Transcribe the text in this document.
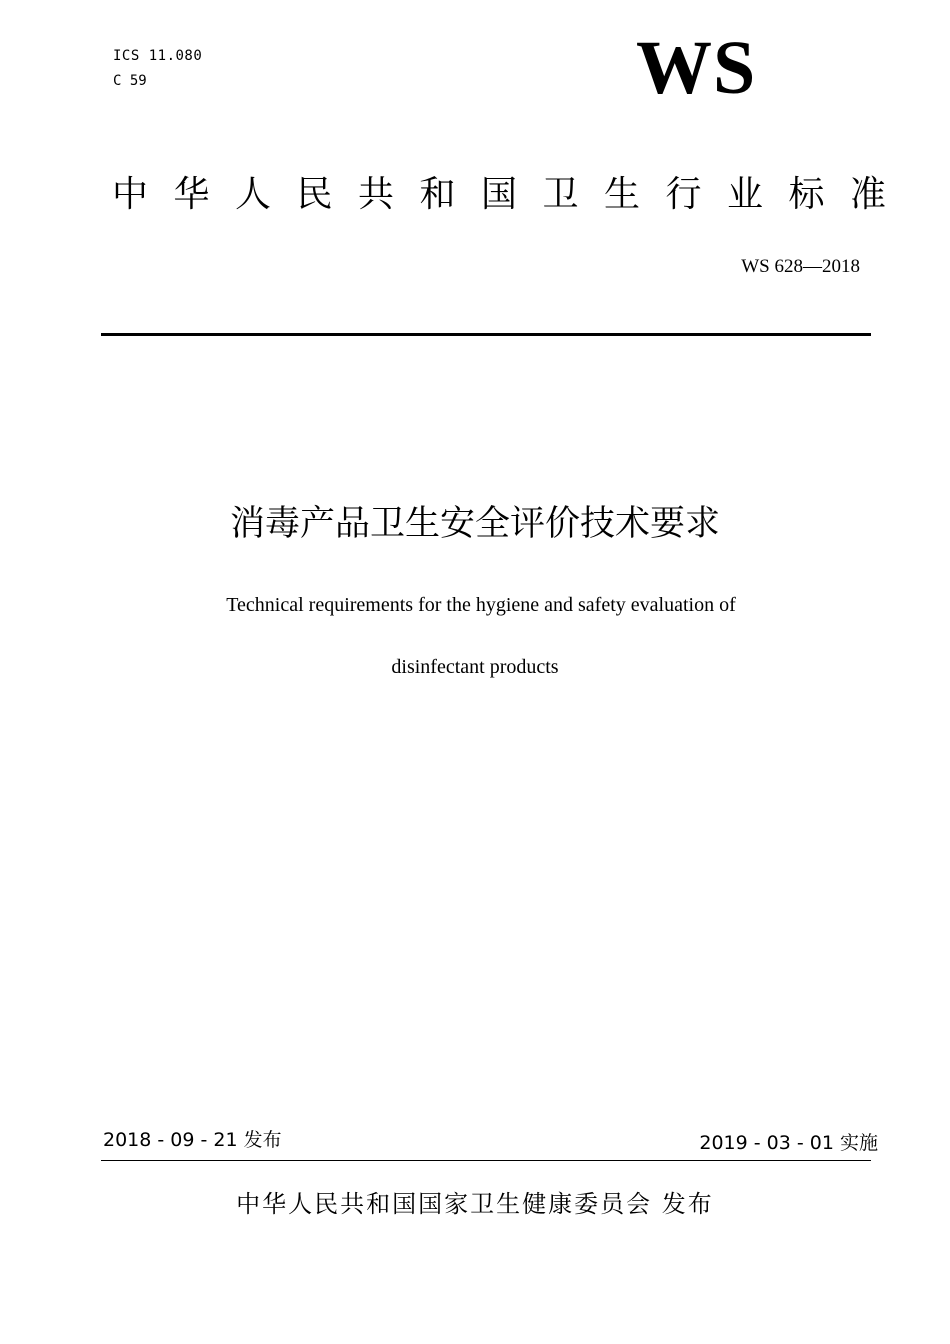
ICS 11.080
C 59	WS
中华人民共和国卫生行业标准
WS 628—2018
消毒产品卫生安全评价技术要求
Technical requirements for the hygiene and safety evaluation of
disinfectant products
2018 - 09 - 21 发布	2019 - 03 - 01 实施
中华人民共和国国家卫生健康委员会 发布
